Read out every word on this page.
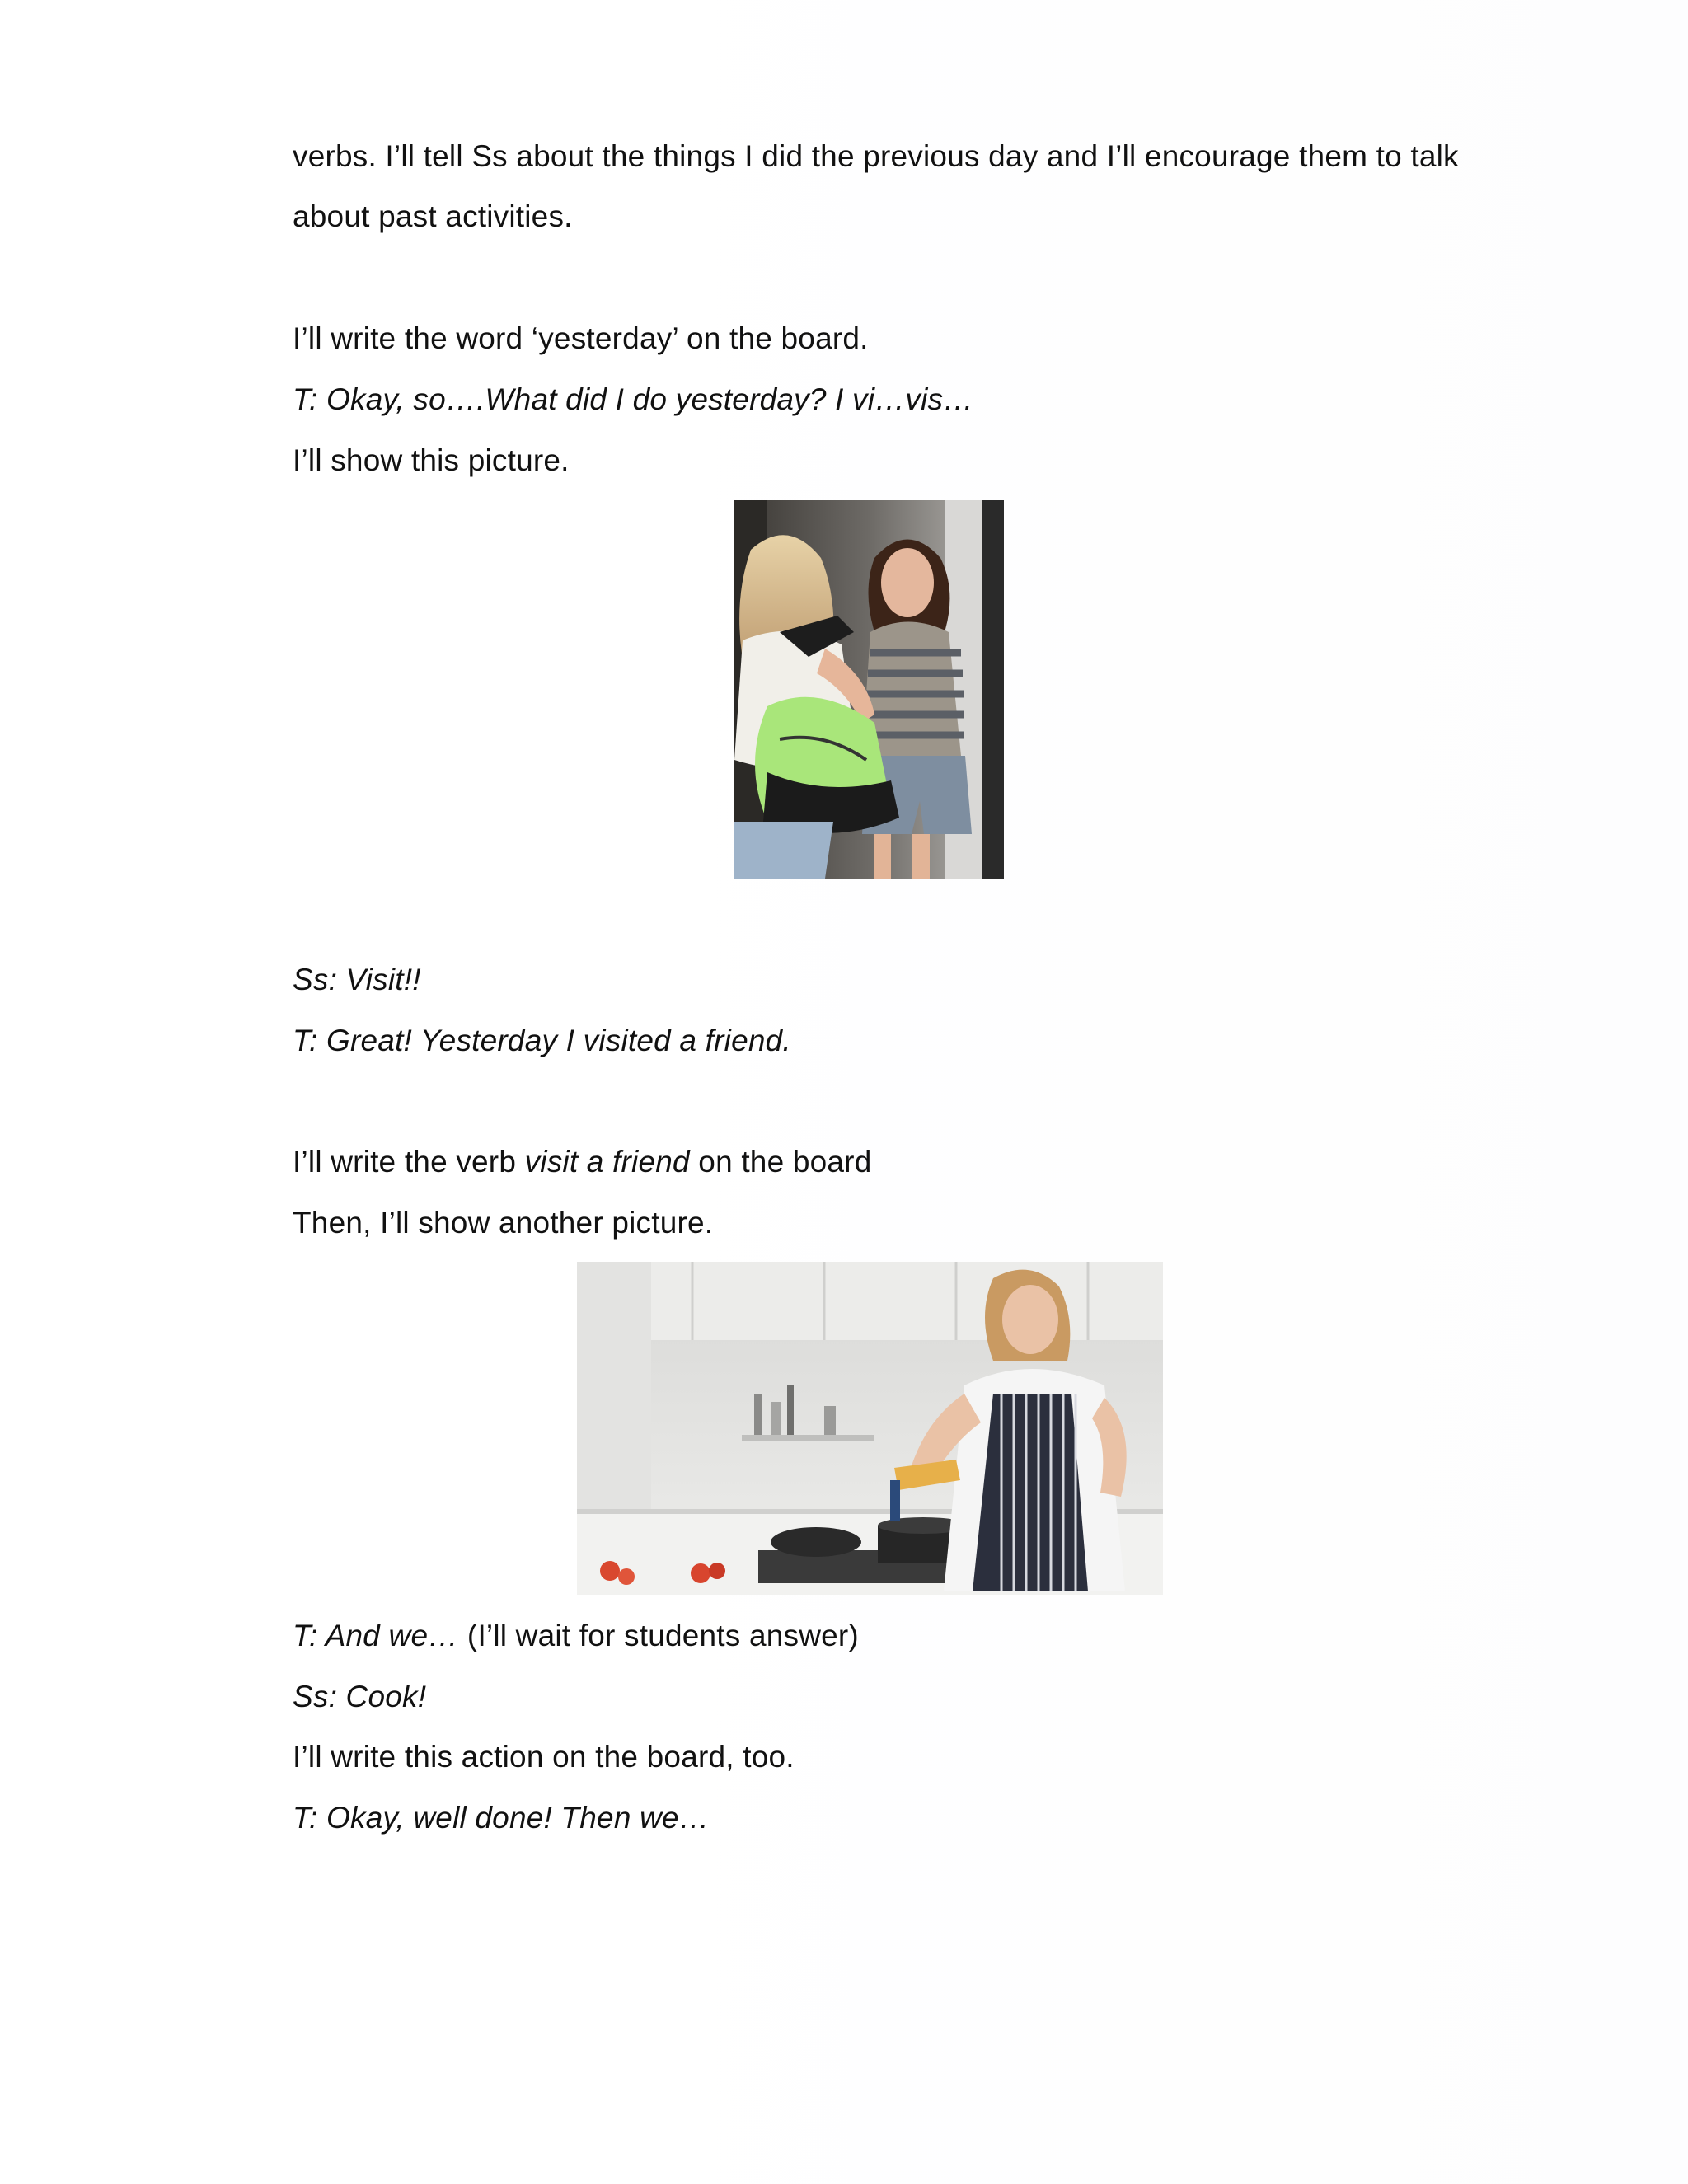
verbs. I’ll tell Ss about the things I did the previous day and I’ll encourage them to talk
about past activities.
I’ll write the word ‘yesterday’ on the board.
T: Okay, so….What did I do yesterday? I vi…vis…
I’ll show this picture.
Ss: Visit!!
T: Great! Yesterday I visited a friend.
I’ll write the verb visit a friend on the board
Then, I’ll show another picture.
T: And we… (I’ll wait for students answer)
Ss: Cook!
I’ll write this action on the board, too.
T: Okay, well done! Then we…
